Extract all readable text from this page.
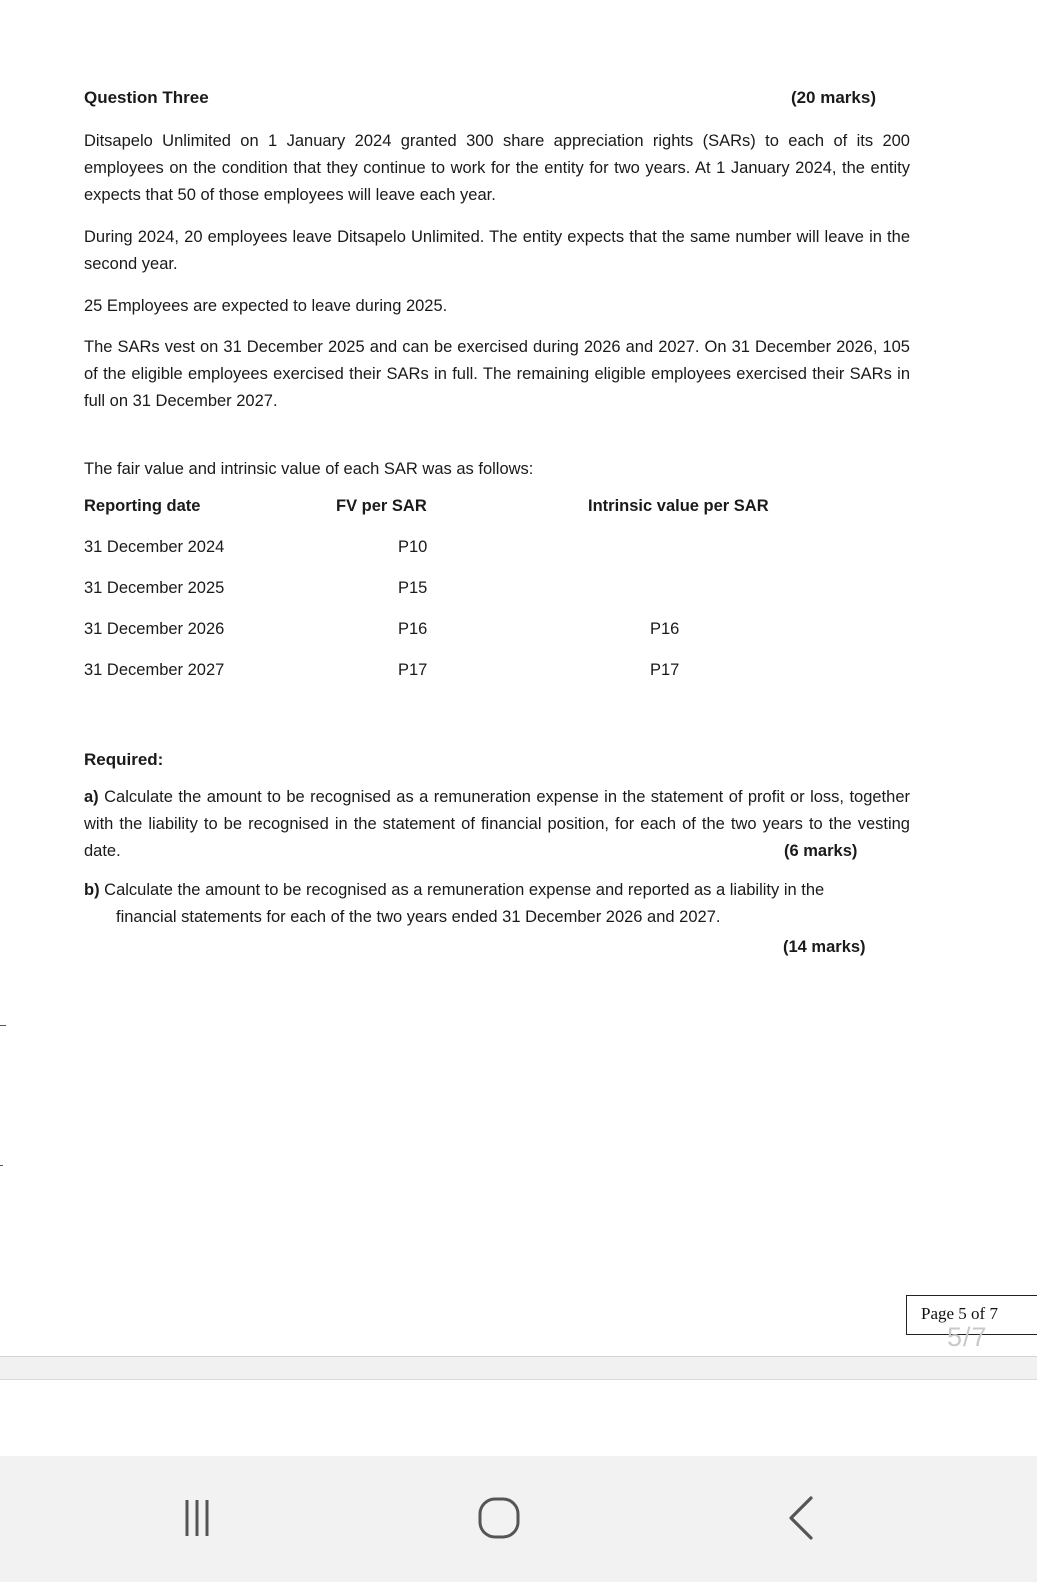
Question Three	(20 marks)

Ditsapelo Unlimited on 1 January 2024 granted 300 share appreciation rights (SARs) to each of its 200 employees on the condition that they continue to work for the entity for two years. At 1 January 2024, the entity expects that 50 of those employees will leave each year.

During 2024, 20 employees leave Ditsapelo Unlimited. The entity expects that the same number will leave in the second year.

25 Employees are expected to leave during 2025.

The SARs vest on 31 December 2025 and can be exercised during 2026 and 2027. On 31 December 2026, 105 of the eligible employees exercised their SARs in full. The remaining eligible employees exercised their SARs in full on 31 December 2027.

The fair value and intrinsic value of each SAR was as follows:

Reporting date	FV per SAR	Intrinsic value per SAR
31 December 2024	P10
31 December 2025	P15
31 December 2026	P16	P16
31 December 2027	P17	P17
Required:
a) Calculate the amount to be recognised as a remuneration expense in the statement of profit or loss, together with the liability to be recognised in the statement of financial position, for each of the two years to the vesting date.	(6 marks)
b) Calculate the amount to be recognised as a remuneration expense and reported as a liability in the
financial statements for each of the two years ended 31 December 2026 and 2027.
(14 marks)
Page 5 of 7
5/7
